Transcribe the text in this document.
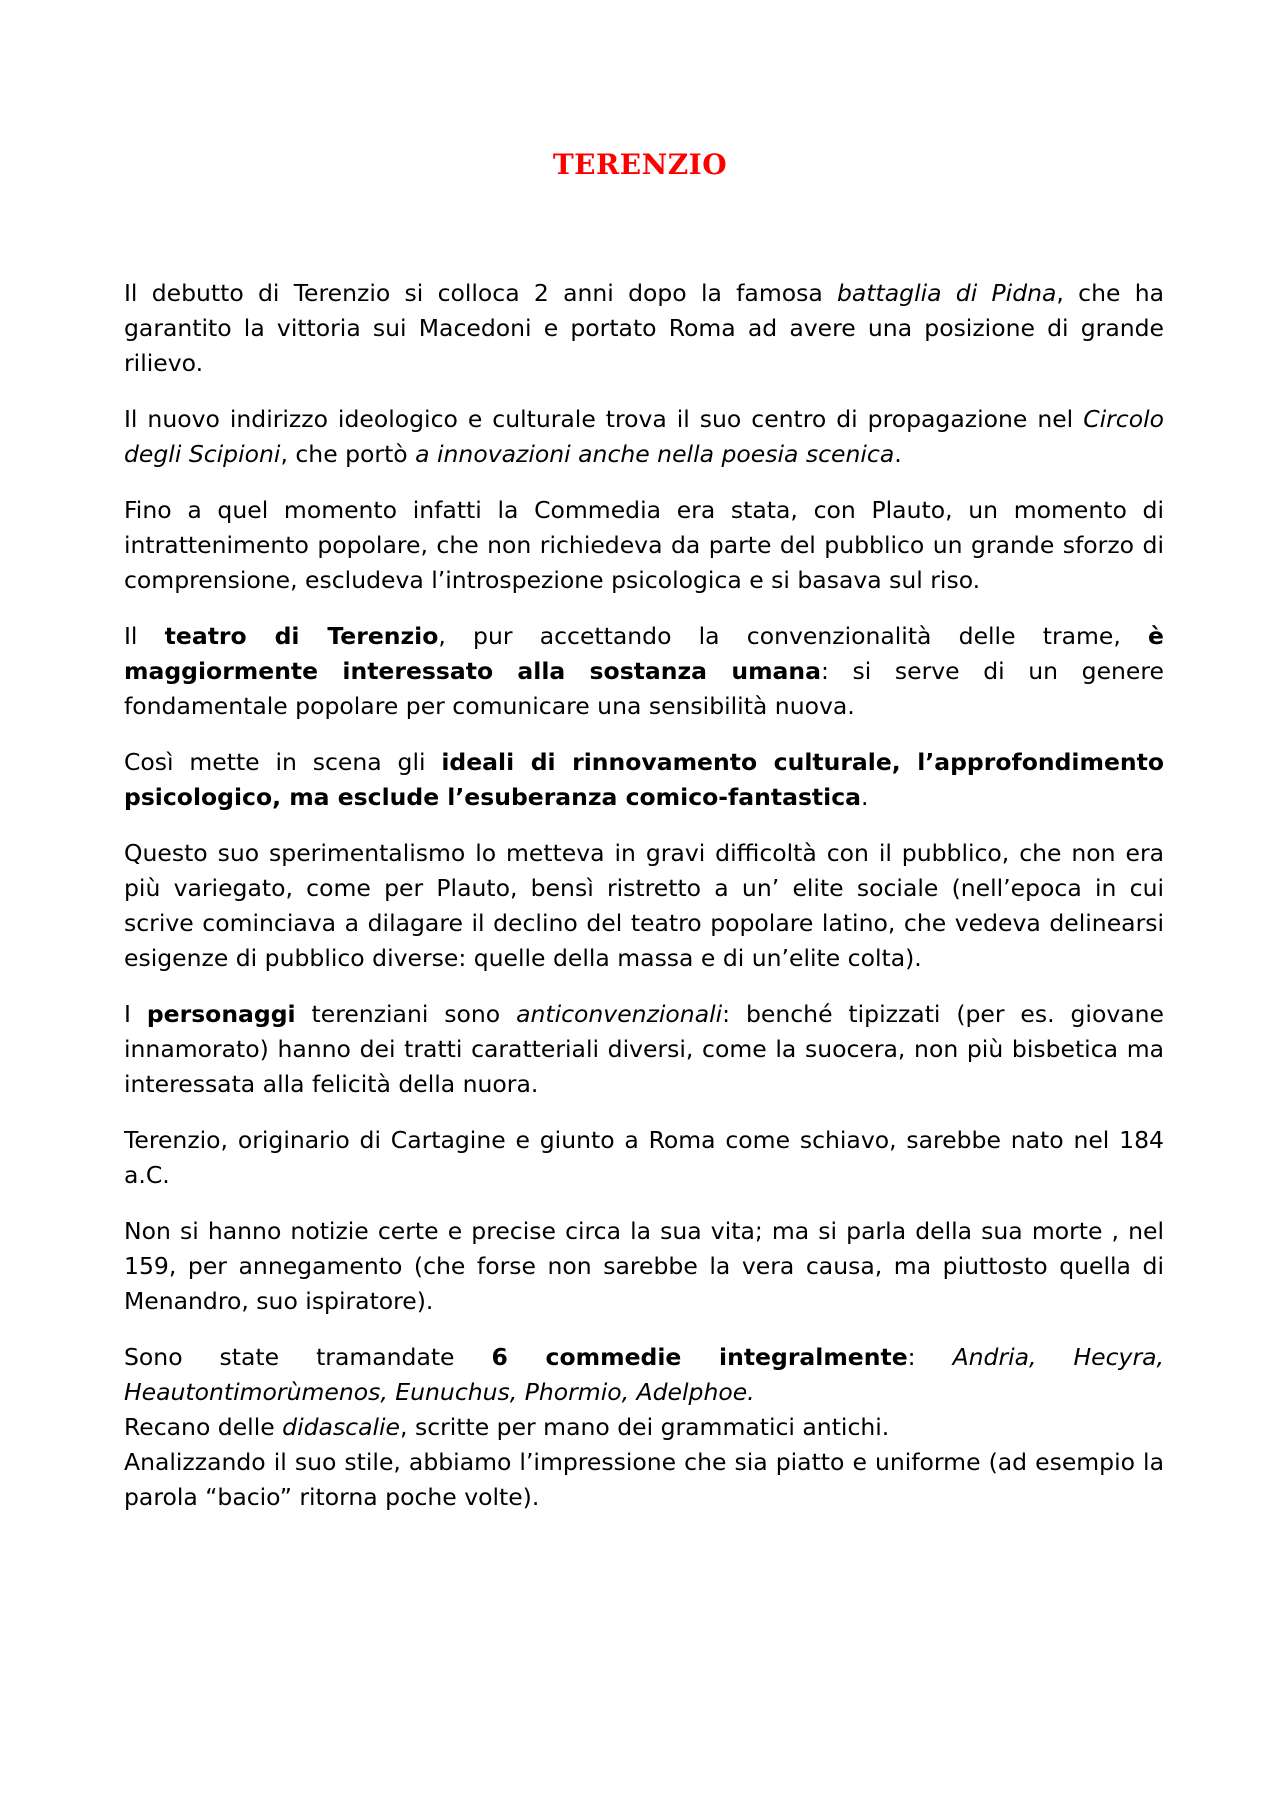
TERENZIO

Il debutto di Terenzio si colloca 2 anni dopo la famosa battaglia di Pidna, che ha garantito la vittoria sui Macedoni e portato Roma ad avere una posizione di grande rilievo.

Il nuovo indirizzo ideologico e culturale trova il suo centro di propagazione nel Circolo degli Scipioni, che portò a innovazioni anche nella poesia scenica.

Fino a quel momento infatti la Commedia era stata, con Plauto, un momento di intrattenimento popolare, che non richiedeva da parte del pubblico un grande sforzo di comprensione, escludeva l’introspezione psicologica e si basava sul riso.

Il teatro di Terenzio, pur accettando la convenzionalità delle trame, è maggiormente interessato alla sostanza umana: si serve di un genere fondamentale popolare per comunicare una sensibilità nuova.

Così mette in scena gli ideali di rinnovamento culturale, l’approfondimento psicologico, ma esclude l’esuberanza comico-fantastica.

Questo suo sperimentalismo lo metteva in gravi difficoltà con il pubblico, che non era più variegato, come per Plauto, bensì ristretto a un’ elite sociale (nell’epoca in cui scrive cominciava a dilagare il declino del teatro popolare latino, che vedeva delinearsi esigenze di pubblico diverse: quelle della massa e di un’elite colta).

I personaggi terenziani sono anticonvenzionali: benché tipizzati (per es. giovane innamorato) hanno dei tratti caratteriali diversi, come la suocera, non più bisbetica ma interessata alla felicità della nuora.

Terenzio, originario di Cartagine e giunto a Roma come schiavo, sarebbe nato nel 184 a.C.

Non si hanno notizie certe e precise circa la sua vita; ma si parla della sua morte , nel 159, per annegamento (che forse non sarebbe la vera causa, ma piuttosto quella di Menandro, suo ispiratore).

Sono state tramandate 6 commedie integralmente: Andria, Hecyra, Heautontimorùmenos, Eunuchus, Phormio, Adelphoe.

Recano delle didascalie, scritte per mano dei grammatici antichi.

Analizzando il suo stile, abbiamo l’impressione che sia piatto e uniforme (ad esempio la parola “bacio” ritorna poche volte).
